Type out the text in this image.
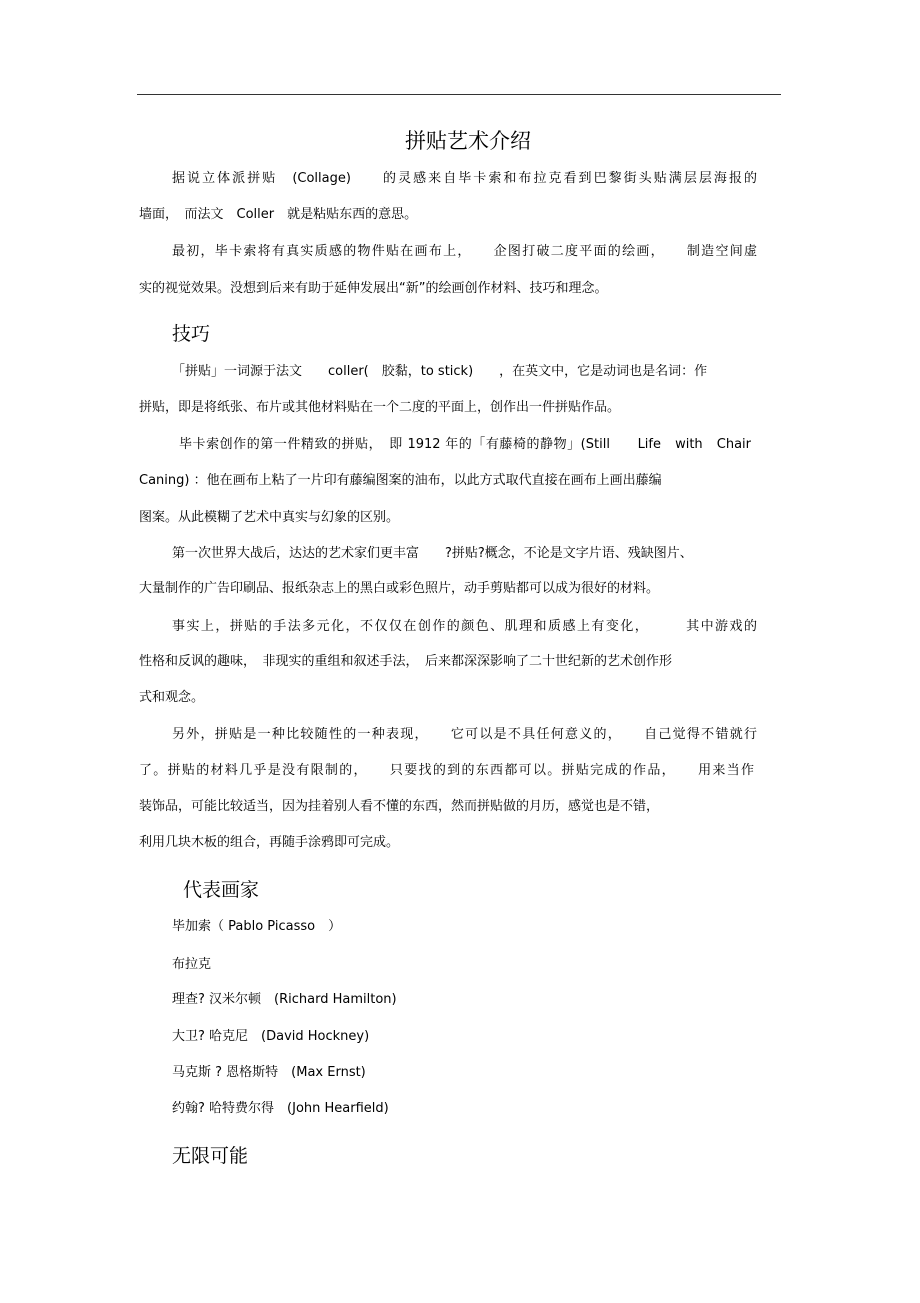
拼贴艺术介绍
据说立体派拼贴　(Collage)　　的灵感来自毕卡索和布拉克看到巴黎街头贴满层层海报的
墙面，　而法文　Coller　就是粘贴东西的意思。
最初，毕卡索将有真实质感的物件贴在画布上，　　企图打破二度平面的绘画，　　制造空间虚
实的视觉效果。没想到后来有助于延伸发展出“新”的绘画创作材料、技巧和理念。
技巧
「拼贴」一词源于法文　　coller(　胶黏，to stick)　　，在英文中，它是动词也是名词：作
拼贴，即是将纸张、布片或其他材料贴在一个二度的平面上，创作出一件拼贴作品。
毕卡索创作的第一件精致的拼贴，　即 1912 年的「有藤椅的静物」(Still　　Life　with　Chair
Caning) ：他在画布上粘了一片印有藤编图案的油布，以此方式取代直接在画布上画出藤编
图案。从此模糊了艺术中真实与幻象的区别。
第一次世界大战后，达达的艺术家们更丰富　　?拼贴?概念，不论是文字片语、残缺图片、
大量制作的广告印刷品、报纸杂志上的黑白或彩色照片，动手剪贴都可以成为很好的材料。
事实上，拼贴的手法多元化，不仅仅在创作的颜色、肌理和质感上有变化，　　　其中游戏的
性格和反讽的趣味，　非现实的重组和叙述手法，　后来都深深影响了二十世纪新的艺术创作形
式和观念。
另外，拼贴是一种比较随性的一种表现，　　它可以是不具任何意义的，　　自己觉得不错就行
了。拼贴的材料几乎是没有限制的，　　只要找的到的东西都可以。拼贴完成的作品，　　用来当作
装饰品，可能比较适当，因为挂着别人看不懂的东西，然而拼贴做的月历，感觉也是不错，
利用几块木板的组合，再随手涂鸦即可完成。
代表画家
毕加索（ Pablo Picasso　）
布拉克
理查? 汉米尔顿　(Richard Hamilton)
大卫? 哈克尼　(David Hockney)
马克斯 ? 恩格斯特　(Max Ernst)
约翰? 哈特费尔得　(John Hearfield)
无限可能
